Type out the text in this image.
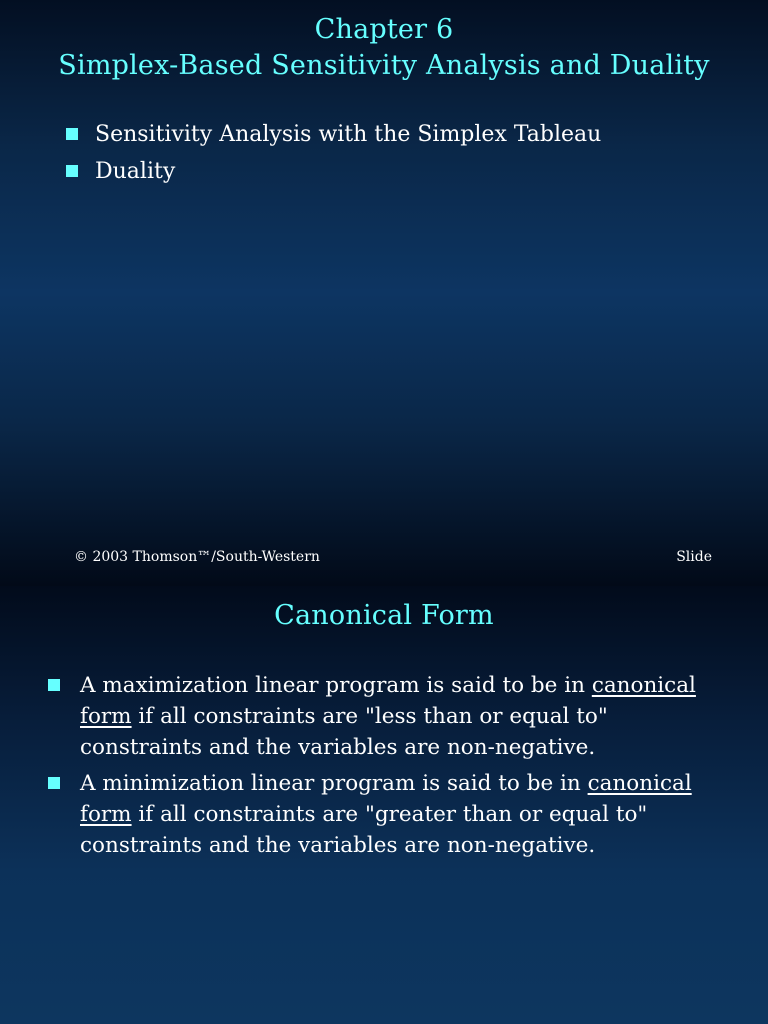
Chapter 6
Simplex-Based Sensitivity Analysis and Duality
Sensitivity Analysis with the Simplex Tableau
Duality
© 2003 Thomson™/South-Western	Slide
Canonical Form
A maximization linear program is said to be in canonical form if all constraints are "less than or equal to" constraints and the variables are non-negative.
A minimization linear program is said to be in canonical form if all constraints are "greater than or equal to" constraints and the variables are non-negative.
